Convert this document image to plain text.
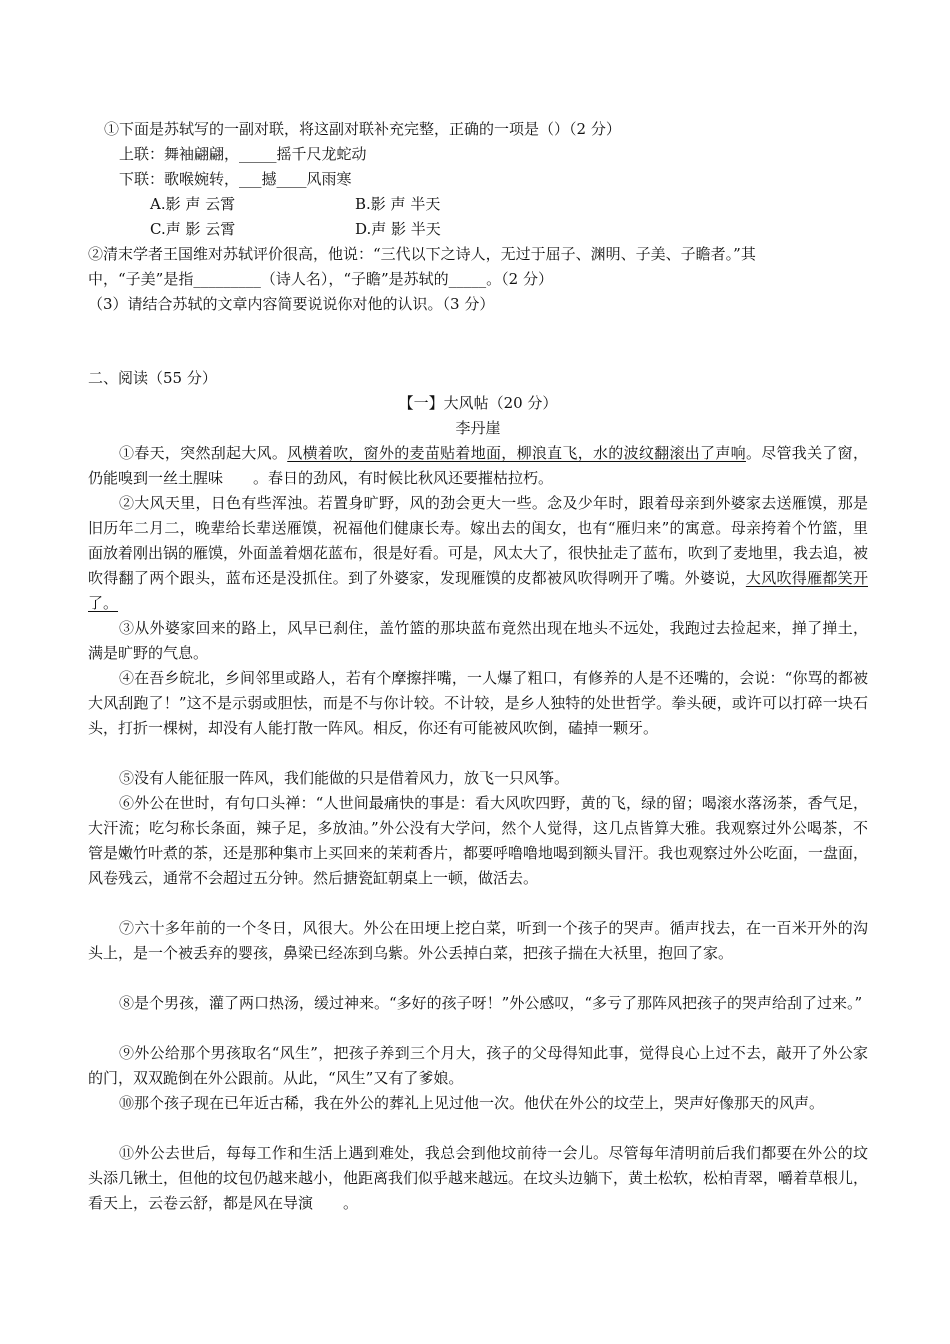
①下面是苏轼写的一副对联，将这副对联补充完整，正确的一项是（）（2 分）
上联：舞袖翩翩，_____摇千尺龙蛇动
下联：歌喉婉转，___撼____风雨寒
A.影 声 云霄	B.影 声 半天
C.声 影 云霄	D.声 影 半天
②清末学者王国维对苏轼评价很高，他说：“三代以下之诗人，无过于屈子、渊明、子美、子瞻者。”其
中，“子美”是指_________（诗人名），“子瞻”是苏轼的_____。（2 分）
（3）请结合苏轼的文章内容简要说说你对他的认识。（3 分）
二、阅读（55 分）
【一】大风帖（20 分）
李丹崖
①春天，突然刮起大风。风横着吹，窗外的麦苗贴着地面，柳浪直飞，水的波纹翻滚出了声响。尽管我关了窗，仍能嗅到一丝土腥味　　。春日的劲风，有时候比秋风还要摧枯拉朽。
②大风天里，日色有些浑浊。若置身旷野，风的劲会更大一些。念及少年时，跟着母亲到外婆家去送雁馍，那是旧历年二月二，晚辈给长辈送雁馍，祝福他们健康长寿。嫁出去的闺女，也有“雁归来”的寓意。母亲挎着个竹篮，里面放着刚出锅的雁馍，外面盖着烟花蓝布，很是好看。可是，风太大了，很快扯走了蓝布，吹到了麦地里，我去追，被吹得翻了两个跟头，蓝布还是没抓住。到了外婆家，发现雁馍的皮都被风吹得咧开了嘴。外婆说，大风吹得雁都笑开了。
③从外婆家回来的路上，风早已刹住，盖竹篮的那块蓝布竟然出现在地头不远处，我跑过去捡起来，掸了掸土，满是旷野的气息。
④在吾乡皖北，乡间邻里或路人，若有个摩擦拌嘴，一人爆了粗口，有修养的人是不还嘴的，会说：“你骂的都被大风刮跑了！”这不是示弱或胆怯，而是不与你计较。不计较，是乡人独特的处世哲学。拳头硬，或许可以打碎一块石头，打折一棵树，却没有人能打散一阵风。相反，你还有可能被风吹倒，磕掉一颗牙。
⑤没有人能征服一阵风，我们能做的只是借着风力，放飞一只风筝。
⑥外公在世时，有句口头禅：“人世间最痛快的事是：看大风吹四野，黄的飞，绿的留；喝滚水落汤茶，香气足，大汗流；吃匀称长条面，辣子足，多放油。”外公没有大学问，然个人觉得，这几点皆算大雅。我观察过外公喝茶，不管是嫩竹叶煮的茶，还是那种集市上买回来的茉莉香片，都要呼噜噜地喝到额头冒汗。我也观察过外公吃面，一盘面，风卷残云，通常不会超过五分钟。然后搪瓷缸朝桌上一顿，做活去。
⑦六十多年前的一个冬日，风很大。外公在田埂上挖白菜，听到一个孩子的哭声。循声找去，在一百米开外的沟头上，是一个被丢弃的婴孩，鼻梁已经冻到乌紫。外公丢掉白菜，把孩子揣在大袄里，抱回了家。
⑧是个男孩，灌了两口热汤，缓过神来。“多好的孩子呀！”外公感叹，“多亏了那阵风把孩子的哭声给刮了过来。”
⑨外公给那个男孩取名“风生”，把孩子养到三个月大，孩子的父母得知此事，觉得良心上过不去，敲开了外公家的门，双双跪倒在外公跟前。从此，“风生”又有了爹娘。
⑩那个孩子现在已年近古稀，我在外公的葬礼上见过他一次。他伏在外公的坟茔上，哭声好像那天的风声。
⑪外公去世后，每每工作和生活上遇到难处，我总会到他坟前待一会儿。尽管每年清明前后我们都要在外公的坟头添几锹土，但他的坟包仍越来越小，他距离我们似乎越来越远。在坟头边躺下，黄土松软，松柏青翠，嚼着草根儿，看天上，云卷云舒，都是风在导演　　。
